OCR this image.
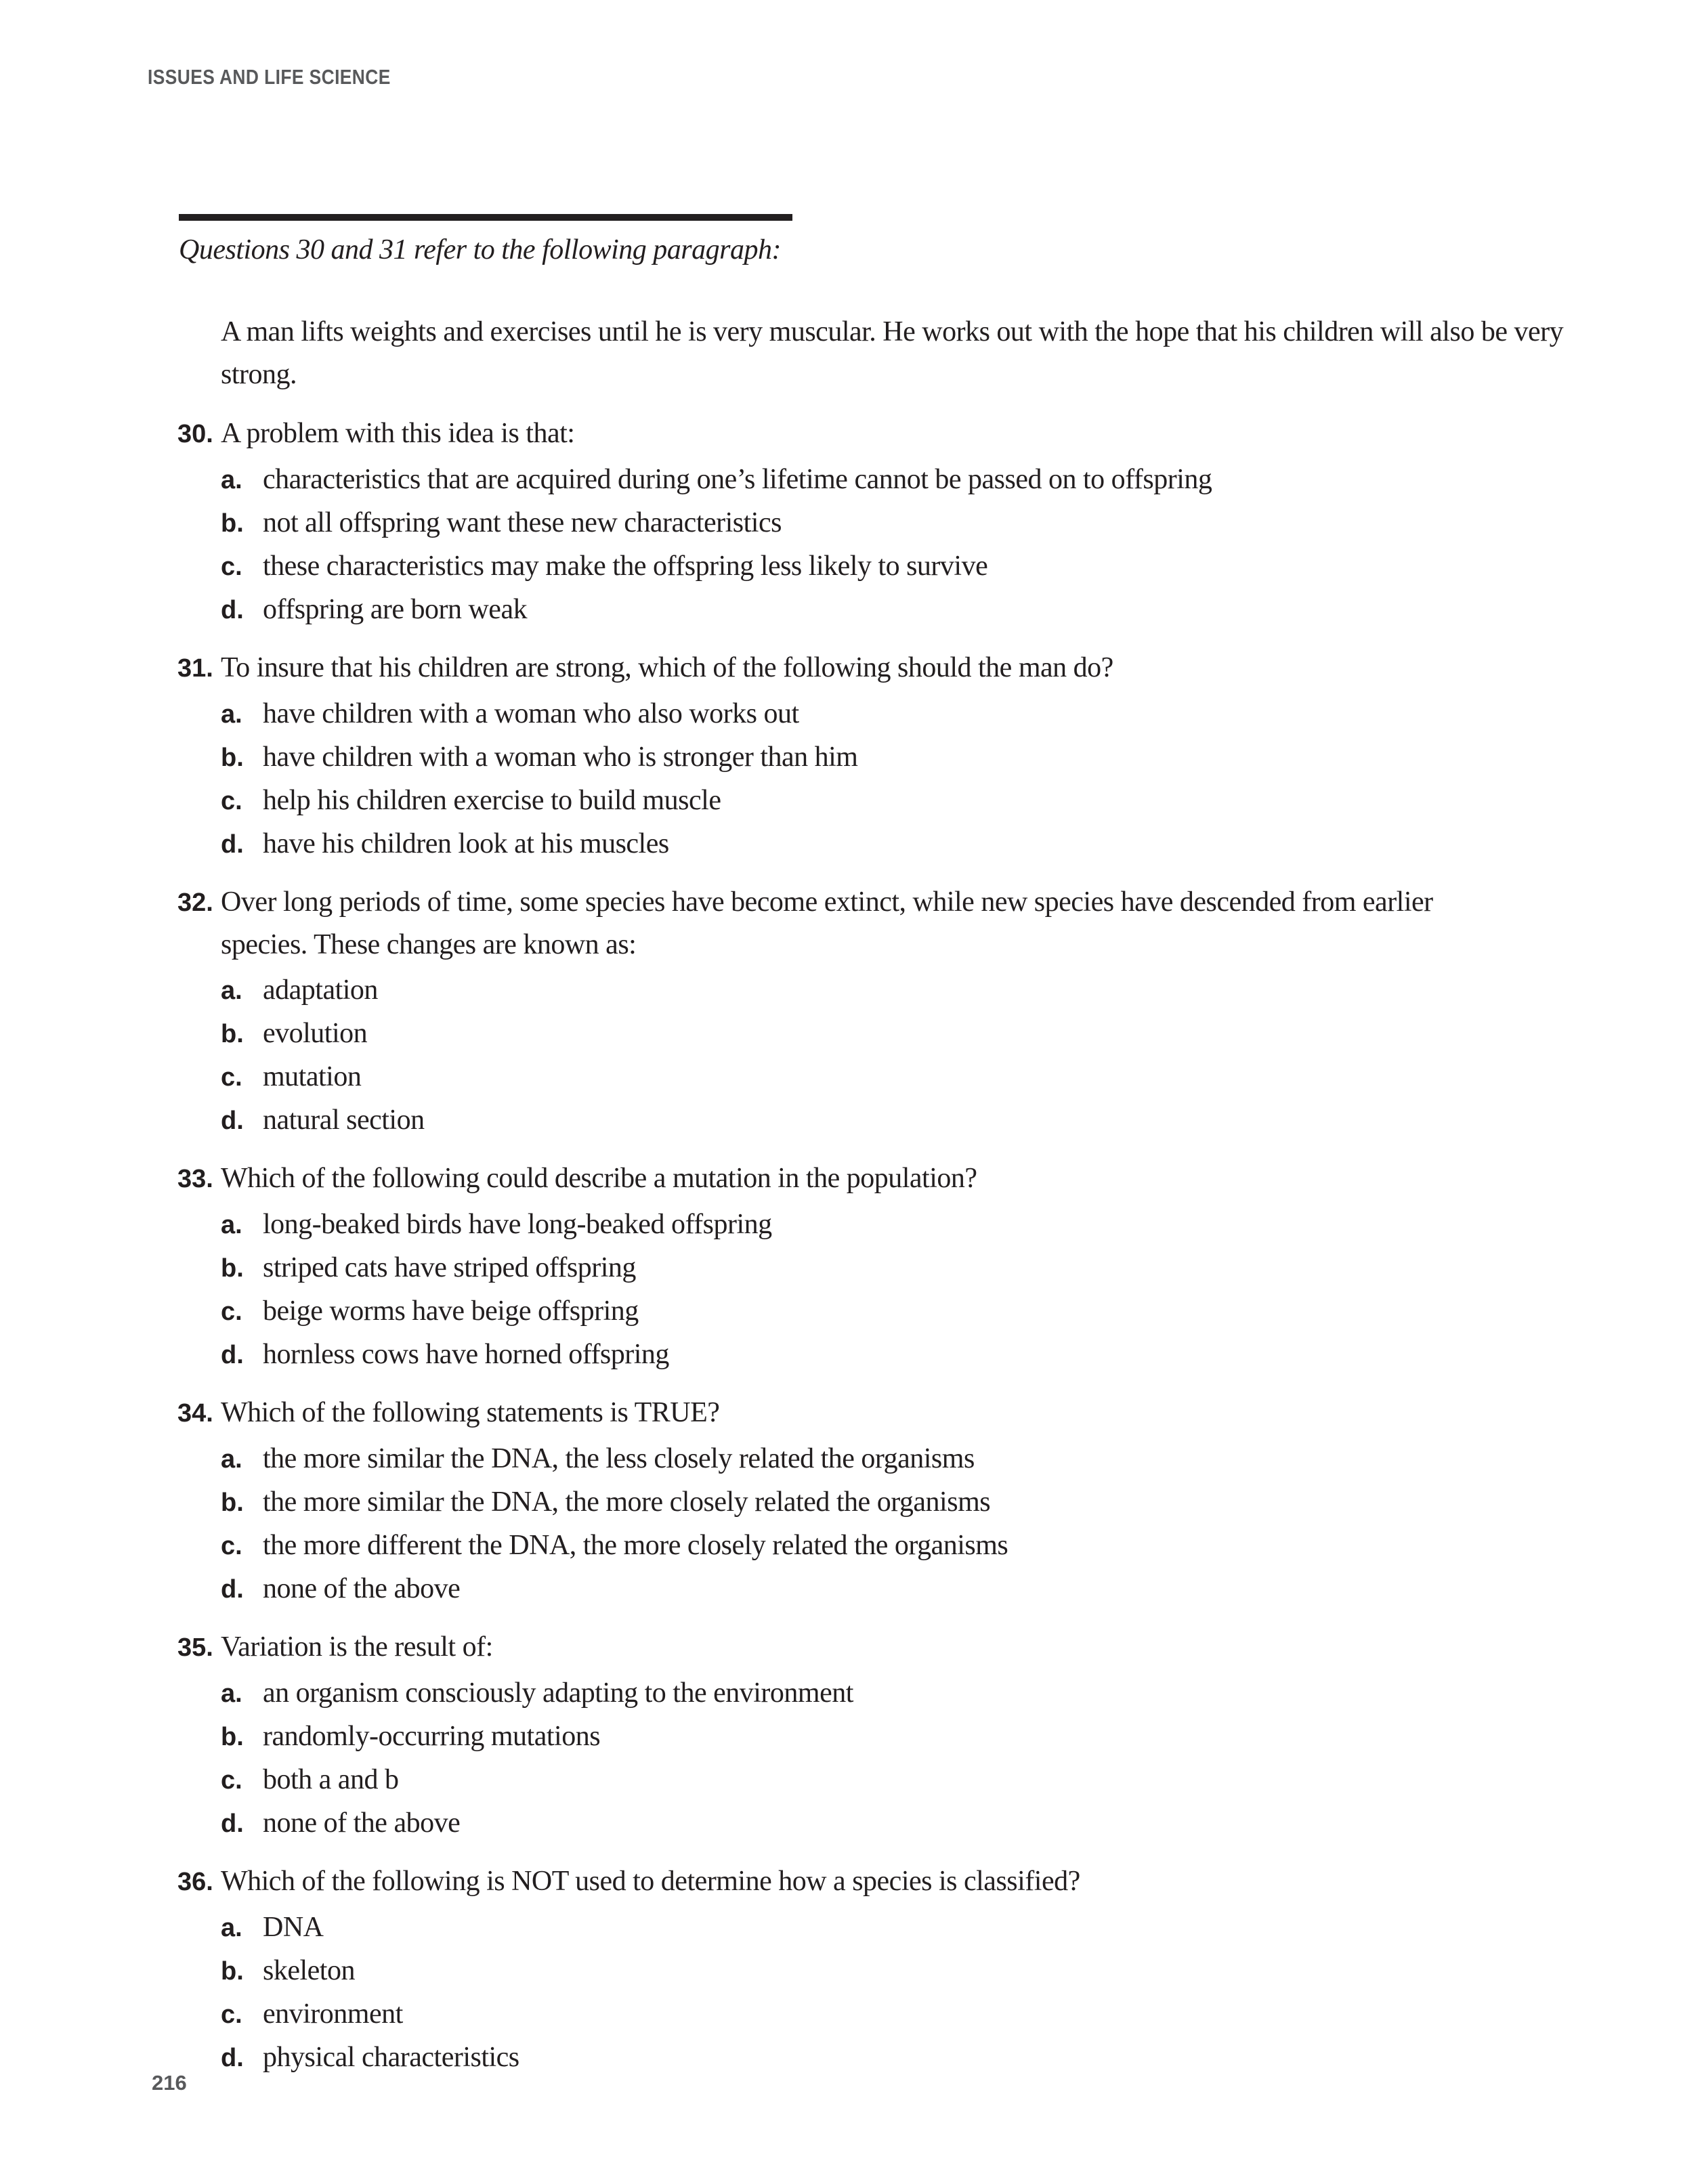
ISSUES AND LIFE SCIENCE

Questions 30 and 31 refer to the following paragraph:

A man lifts weights and exercises until he is very muscular. He works out with the hope that his children will also be very strong.

30. A problem with this idea is that:
a. characteristics that are acquired during one’s lifetime cannot be passed on to offspring
b. not all offspring want these new characteristics
c. these characteristics may make the offspring less likely to survive
d. offspring are born weak
31. To insure that his children are strong, which of the following should the man do?
a. have children with a woman who also works out
b. have children with a woman who is stronger than him
c. help his children exercise to build muscle
d. have his children look at his muscles
32. Over long periods of time, some species have become extinct, while new species have descended from earlier species. These changes are known as:
a. adaptation
b. evolution
c. mutation
d. natural section
33. Which of the following could describe a mutation in the population?
a. long-beaked birds have long-beaked offspring
b. striped cats have striped offspring
c. beige worms have beige offspring
d. hornless cows have horned offspring
34. Which of the following statements is TRUE?
a. the more similar the DNA, the less closely related the organisms
b. the more similar the DNA, the more closely related the organisms
c. the more different the DNA, the more closely related the organisms
d. none of the above
35. Variation is the result of:
a. an organism consciously adapting to the environment
b. randomly-occurring mutations
c. both a and b
d. none of the above
36. Which of the following is NOT used to determine how a species is classified?
a. DNA
b. skeleton
c. environment
d. physical characteristics
216
